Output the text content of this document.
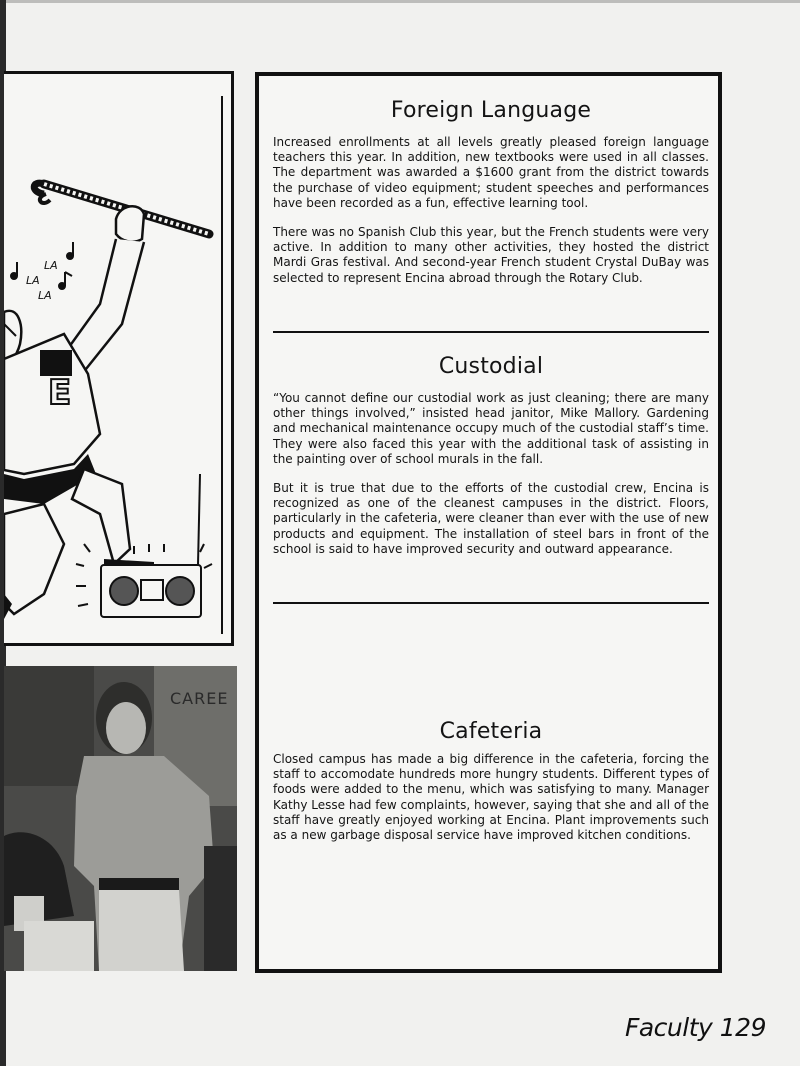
LA
LA
LA
E
CAREE
Foreign Language

Increased enrollments at all levels greatly pleased foreign language teachers this year. In addition, new textbooks were used in all classes. The department was awarded a $1600 grant from the district towards the purchase of video equipment; student speeches and performances have been recorded as a fun, effective learning tool.

There was no Spanish Club this year, but the French students were very active. In addition to many other activities, they hosted the district Mardi Gras festival. And second-year French student Crystal DuBay was selected to represent Encina abroad through the Rotary Club.

Custodial

“You cannot define our custodial work as just cleaning; there are many other things involved,” insisted head janitor, Mike Mallory. Gardening and mechanical maintenance occupy much of the custodial staff’s time. They were also faced this year with the additional task of assisting in the painting over of school murals in the fall.

But it is true that due to the efforts of the custodial crew, Encina is recognized as one of the cleanest campuses in the district. Floors, particularly in the cafeteria, were cleaner than ever with the use of new products and equipment. The installation of steel bars in front of the school is said to have improved security and outward appearance.

Cafeteria

Closed campus has made a big difference in the cafeteria, forcing the staff to accomodate hundreds more hungry students. Different types of foods were added to the menu, which was satisfying to many. Manager Kathy Lesse had few complaints, however, saying that she and all of the staff have greatly enjoyed working at Encina. Plant improvements such as a new garbage disposal service have improved kitchen conditions.

Faculty 129
